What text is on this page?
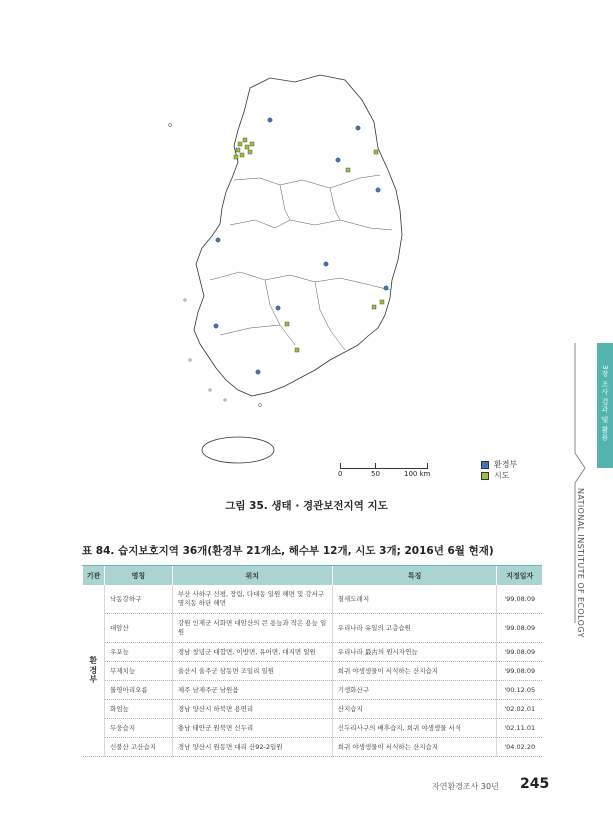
0	50	100 km
환경부
시도
그림 35. 생태 · 경관보전지역 지도
표 84. 습지보호지역 36개(환경부 21개소, 해수부 12개, 시도 3개; 2016년 6월 현재)
기관	명칭	위치	특징	지정일자
환경부	낙동강하구	부산 사하구 신평, 장림, 다대동 일원 해면 및 강서구 명지동 하단 해면	철새도래지	'99.08.09
	대암산	강원 인제군 서화면 대암산의 큰 용늪과 작은 용늪 일원	우리나라 유일의 고층습원	'99.08.09
	우포늪	경남 창녕군 대합면, 이방면, 유어면, 대지면 일원	우리나라 最古의 원시자연늪	'99.08.09
	무제치늪	울산시 울주군 삼동면 조일리 일원	희귀 야생생물이 서식하는 산지습지	'99.08.09
	물영아리오름	제주 남제주군 남원읍	기생화산구	'00.12.05
	화엄늪	경남 양산시 하북면 용연리	산지습지	'02.02.01
	두웅습지	충남 태안군 원북면 신두리	신두리사구의 배후습지, 희귀 야생생물 서식	'02.11.01
	신불산 고산습지	경남 양산시 원동면 대리 산92-2일원	희귀 야생생물이 서식하는 산지습지	'04.02.20
3장 조사 결과 및 활용
NATIONAL INSTITUTE OF ECOLOGY
자연환경조사 30년 245
